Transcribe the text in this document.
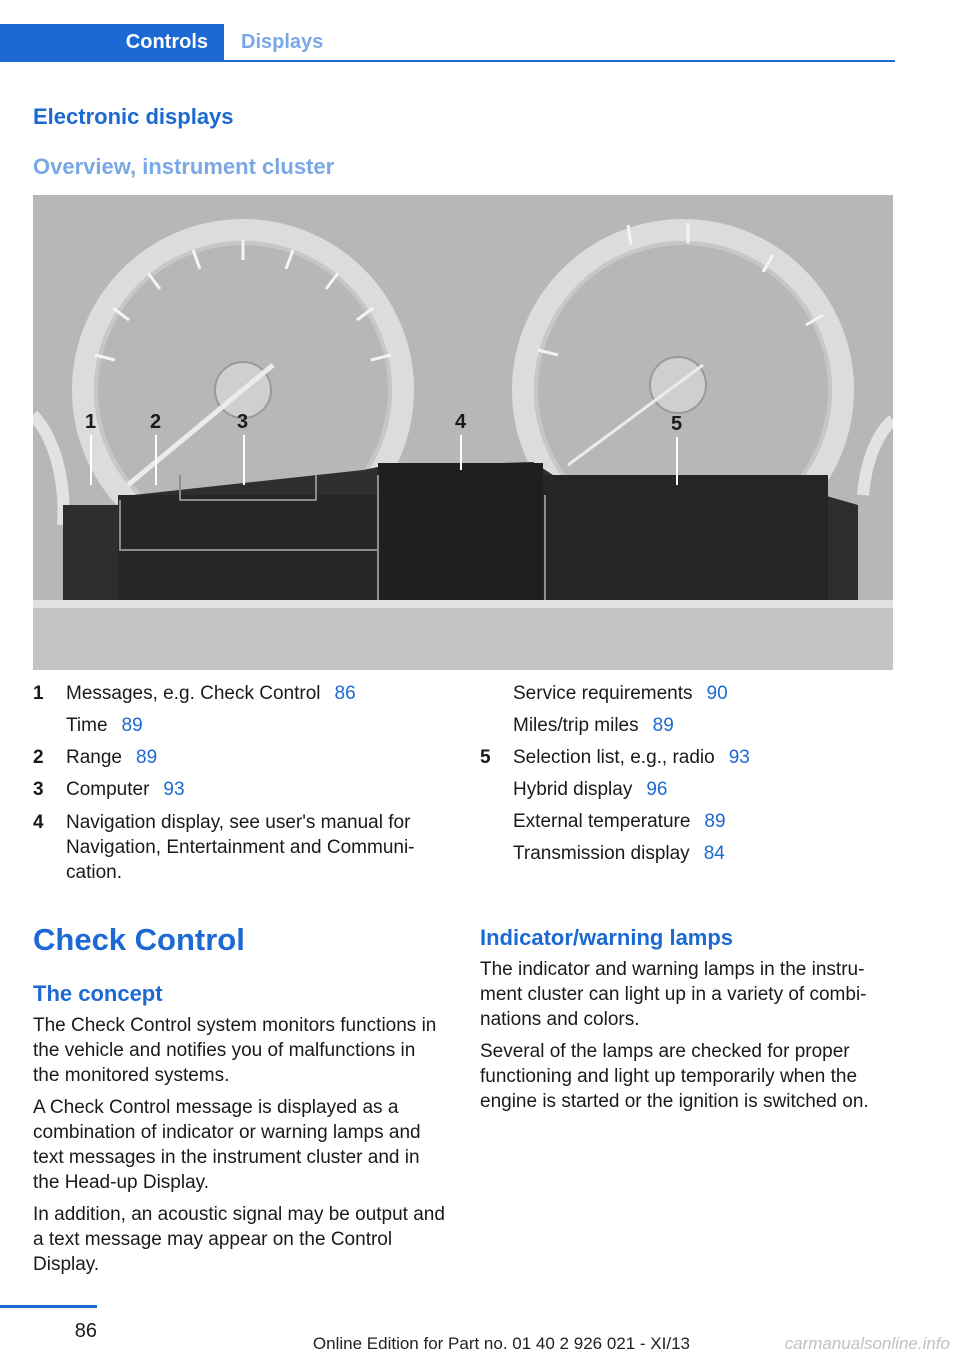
Controls	Displays
Electronic displays
Overview, instrument cluster
1	2	3	4	5
1 Messages, e.g. Check Control 86
Time 89
2 Range 89
3 Computer 93
4 Navigation display, see user's manual for Navigation, Entertainment and Communi‐cation.
Service requirements 90
Miles/trip miles 89
5 Selection list, e.g., radio 93
Hybrid display 96
External temperature 89
Transmission display 84
Check Control
The concept

The Check Control system monitors functions in the vehicle and notifies you of malfunctions in the monitored systems.

A Check Control message is displayed as a combination of indicator or warning lamps and text messages in the instrument cluster and in the Head-up Display.

In addition, an acoustic signal may be output and a text message may appear on the Control Display.

Indicator/warning lamps

The indicator and warning lamps in the instru‐ment cluster can light up in a variety of combi‐nations and colors.

Several of the lamps are checked for proper functioning and light up temporarily when the engine is started or the ignition is switched on.

86
Online Edition for Part no. 01 40 2 926 021 - XI/13	carmanualsonline.info
